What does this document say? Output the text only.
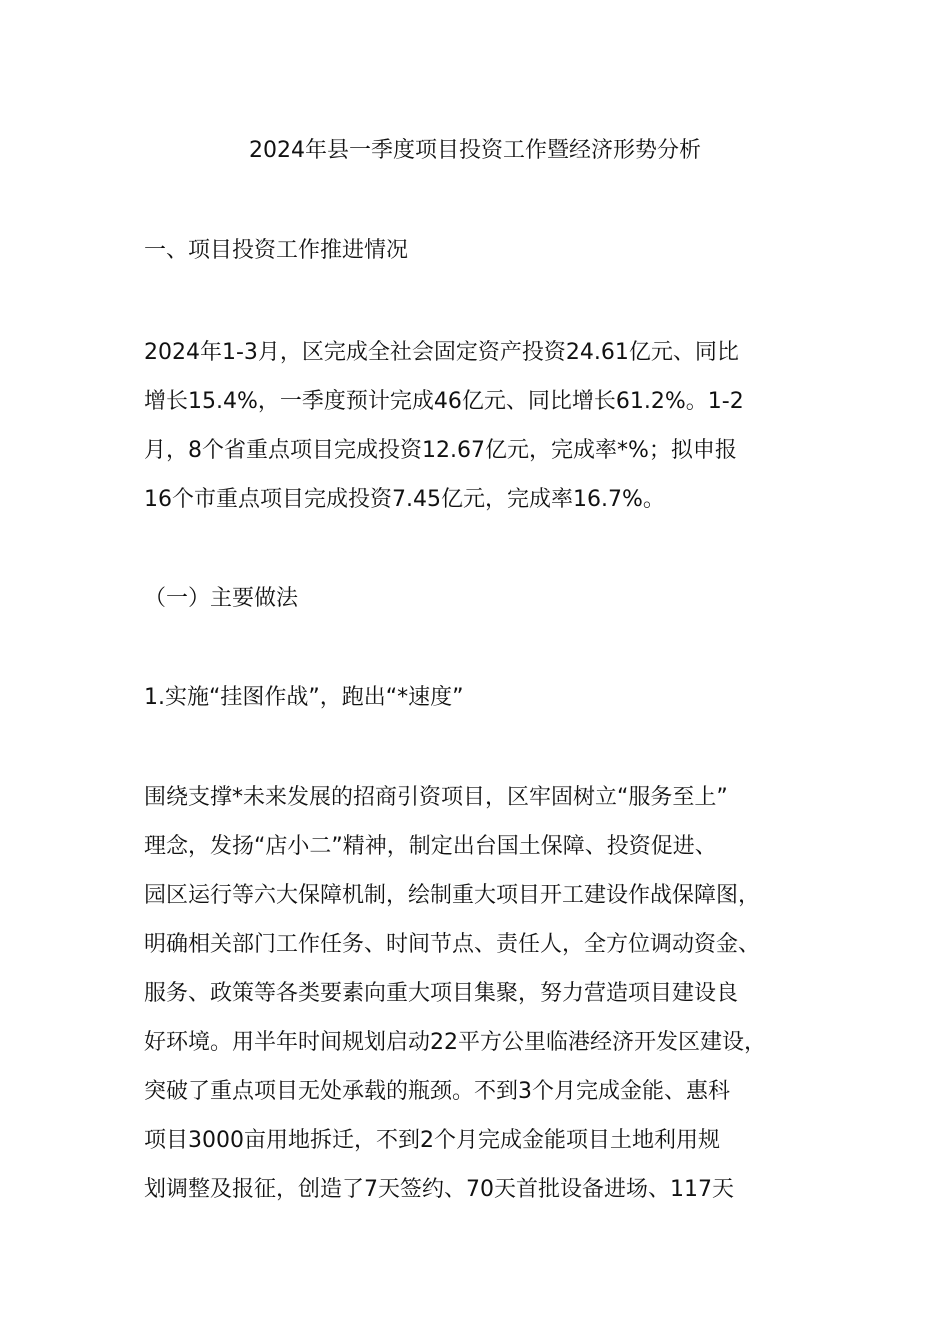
2024年县一季度项目投资工作暨经济形势分析
一、项目投资工作推进情况
2024年1-3月，区完成全社会固定资产投资24.61亿元、同比
增长15.4%，一季度预计完成46亿元、同比增长61.2%。1-2
月，8个省重点项目完成投资12.67亿元，完成率*%；拟申报
16个市重点项目完成投资7.45亿元，完成率16.7%。
（一）主要做法
1.实施“挂图作战”，跑出“*速度”
围绕支撑*未来发展的招商引资项目，区牢固树立“服务至上”
理念，发扬“店小二”精神，制定出台国土保障、投资促进、
园区运行等六大保障机制，绘制重大项目开工建设作战保障图，
明确相关部门工作任务、时间节点、责任人，全方位调动资金、
服务、政策等各类要素向重大项目集聚，努力营造项目建设良
好环境。用半年时间规划启动22平方公里临港经济开发区建设，
突破了重点项目无处承载的瓶颈。不到3个月完成金能、惠科
项目3000亩用地拆迁，不到2个月完成金能项目土地利用规
划调整及报征，创造了7天签约、70天首批设备进场、117天
